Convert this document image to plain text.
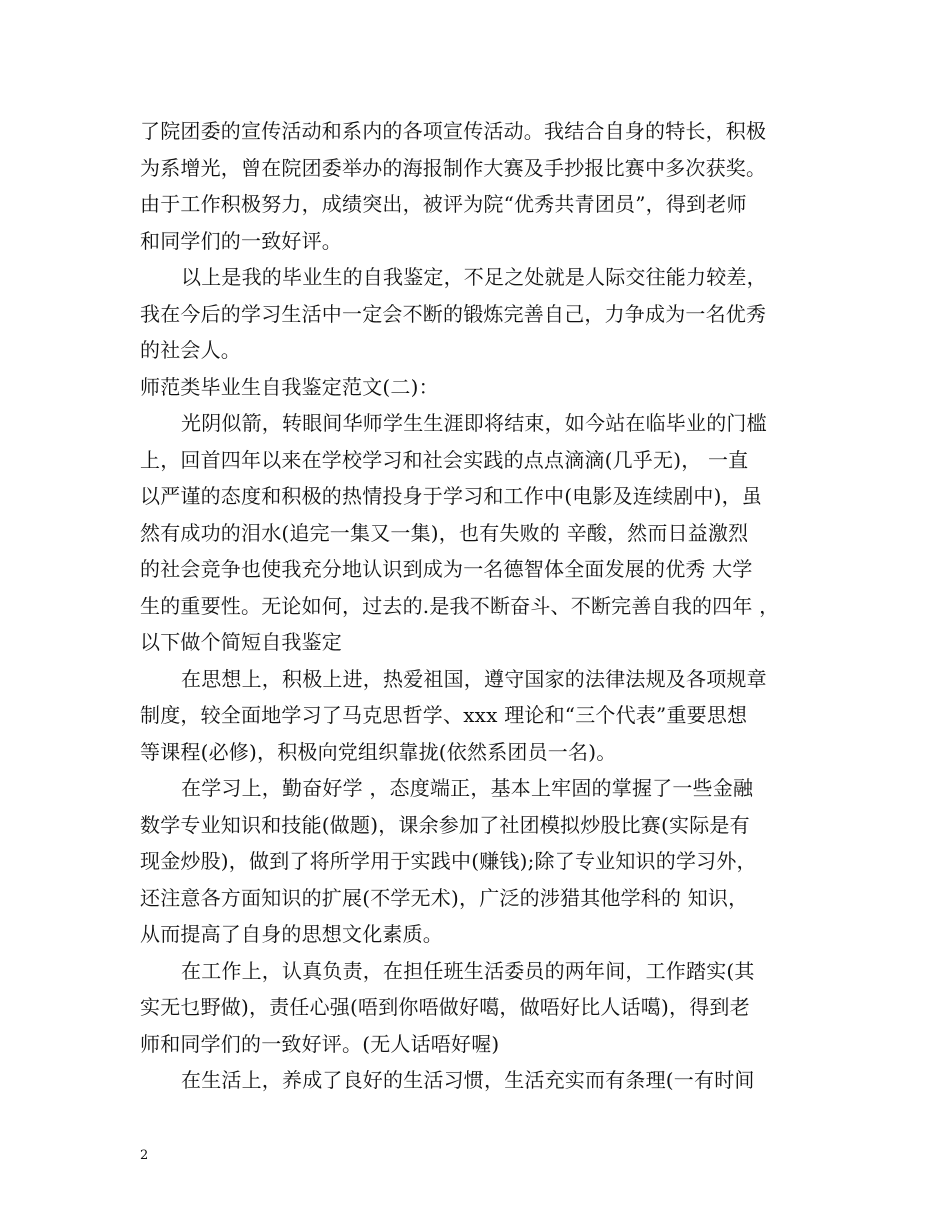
了院团委的宣传活动和系内的各项宣传活动。我结合自身的特长，积极
为系增光，曾在院团委举办的海报制作大赛及手抄报比赛中多次获奖。
由于工作积极努力，成绩突出，被评为院“优秀共青团员”，得到老师
和同学们的一致好评。
以上是我的毕业生的自我鉴定，不足之处就是人际交往能力较差，
我在今后的学习生活中一定会不断的锻炼完善自己，力争成为一名优秀
的社会人。
师范类毕业生自我鉴定范文(二)：
光阴似箭，转眼间华师学生生涯即将结束，如今站在临毕业的门槛
上，回首四年以来在学校学习和社会实践的点点滴滴(几乎无)， 一直
以严谨的态度和积极的热情投身于学习和工作中(电影及连续剧中)，虽
然有成功的泪水(追完一集又一集)，也有失败的 辛酸，然而日益激烈
的社会竞争也使我充分地认识到成为一名德智体全面发展的优秀 大学
生的重要性。无论如何，过去的.是我不断奋斗、不断完善自我的四年 ，
以下做个简短自我鉴定
在思想上，积极上进，热爱祖国，遵守国家的法律法规及各项规章
制度，较全面地学习了马克思哲学、xxx 理论和“三个代表”重要思想
等课程(必修)，积极向党组织靠拢(依然系团员一名)。
在学习上，勤奋好学 ，态度端正，基本上牢固的掌握了一些金融
数学专业知识和技能(做题)，课余参加了社团模拟炒股比赛(实际是有
现金炒股)，做到了将所学用于实践中(赚钱);除了专业知识的学习外，
还注意各方面知识的扩展(不学无术)，广泛的涉猎其他学科的 知识，
从而提高了自身的思想文化素质。
在工作上，认真负责，在担任班生活委员的两年间，工作踏实(其
实无乜野做)，责任心强(唔到你唔做好噶，做唔好比人话噶)，得到老
师和同学们的一致好评。(无人话唔好喔)
在生活上，养成了良好的生活习惯，生活充实而有条理(一有时间
2
